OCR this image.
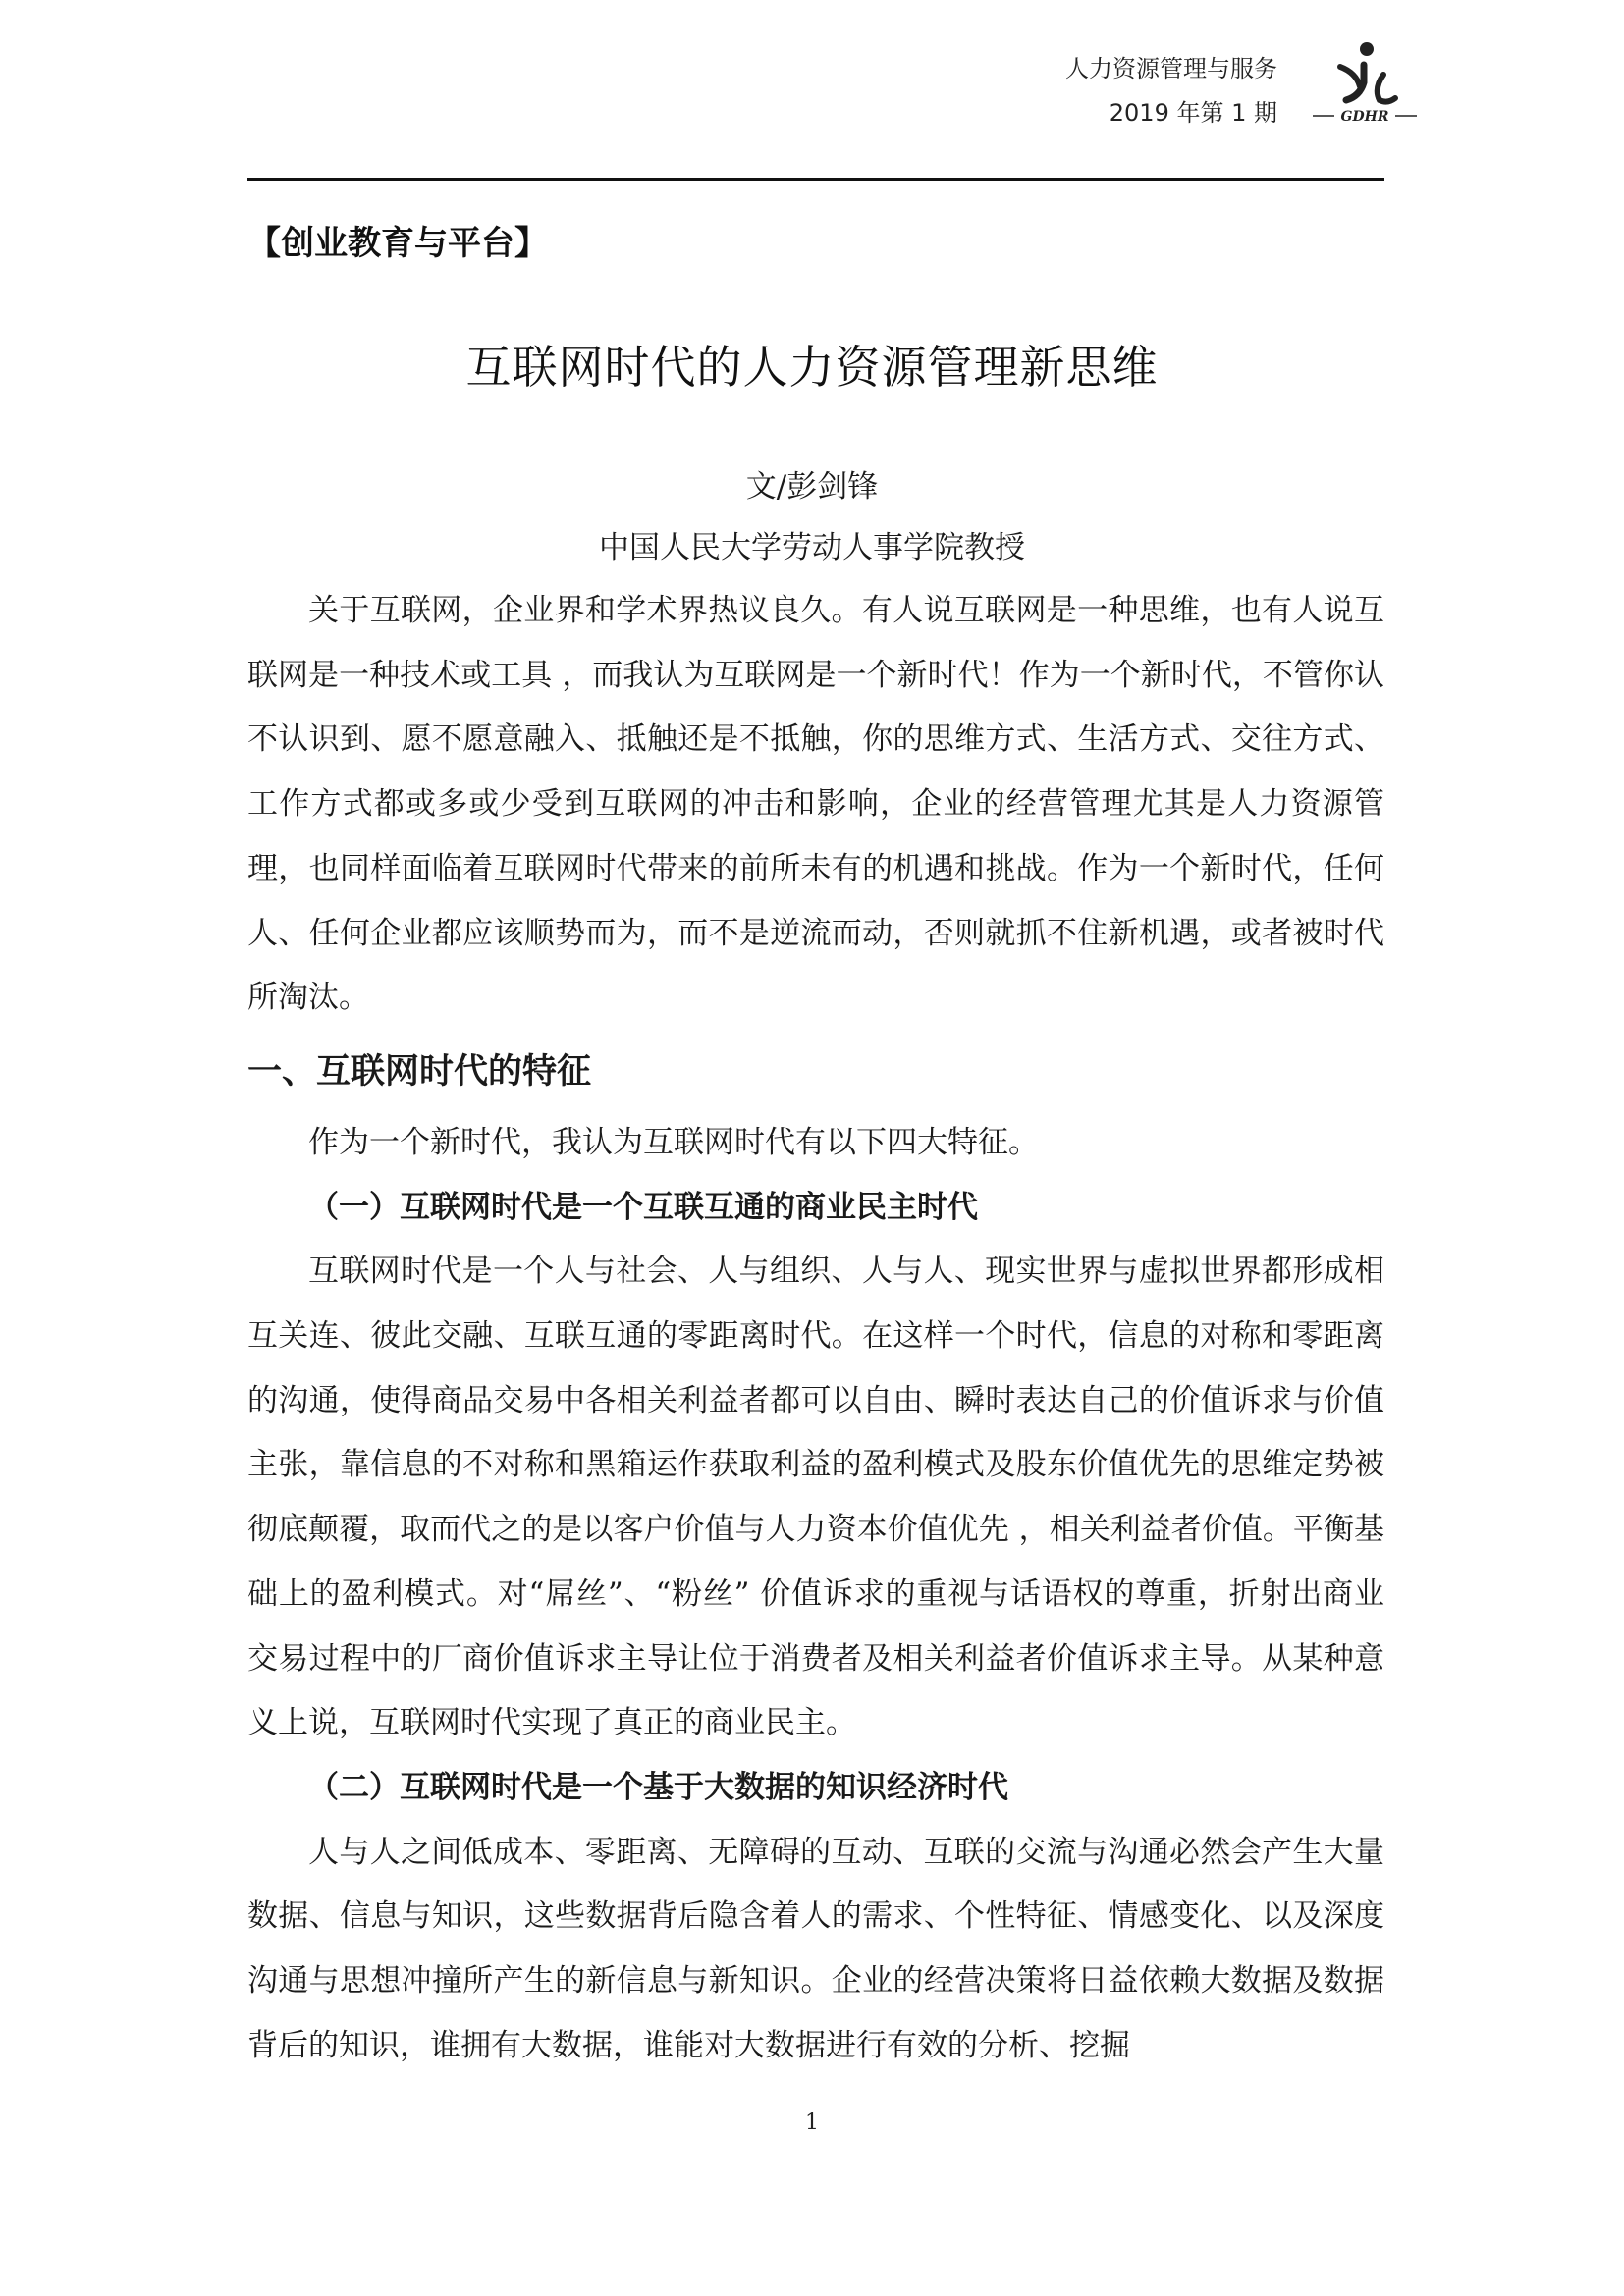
人力资源管理与服务
2019 年第 1 期	GDHR
【创业教育与平台】
互联网时代的人力资源管理新思维
文/彭剑锋
中国人民大学劳动人事学院教授

关于互联网，企业界和学术界热议良久。有人说互联网是一种思维，也有人说互联网是一种技术或工具 ，而我认为互联网是一个新时代！作为一个新时代，不管你认不认识到、愿不愿意融入、抵触还是不抵触，你的思维方式、生活方式、交往方式、工作方式都或多或少受到互联网的冲击和影响，企业的经营管理尤其是人力资源管理，也同样面临着互联网时代带来的前所未有的机遇和挑战。作为一个新时代，任何人、任何企业都应该顺势而为，而不是逆流而动，否则就抓不住新机遇，或者被时代所淘汰。

一、互联网时代的特征

作为一个新时代，我认为互联网时代有以下四大特征。

（一）互联网时代是一个互联互通的商业民主时代

互联网时代是一个人与社会、人与组织、人与人、现实世界与虚拟世界都形成相互关连、彼此交融、互联互通的零距离时代。在这样一个时代，信息的对称和零距离的沟通，使得商品交易中各相关利益者都可以自由、瞬时表达自己的价值诉求与价值主张，靠信息的不对称和黑箱运作获取利益的盈利模式及股东价值优先的思维定势被彻底颠覆，取而代之的是以客户价值与人力资本价值优先 ，相关利益者价值。平衡基础上的盈利模式。对“屌丝”、“粉丝” 价值诉求的重视与话语权的尊重，折射出商业交易过程中的厂商价值诉求主导让位于消费者及相关利益者价值诉求主导。从某种意义上说，互联网时代实现了真正的商业民主。

（二）互联网时代是一个基于大数据的知识经济时代

人与人之间低成本、零距离、无障碍的互动、互联的交流与沟通必然会产生大量数据、信息与知识，这些数据背后隐含着人的需求、个性特征、情感变化、以及深度沟通与思想冲撞所产生的新信息与新知识。企业的经营决策将日益依赖大数据及数据背后的知识，谁拥有大数据，谁能对大数据进行有效的分析、挖掘

1
